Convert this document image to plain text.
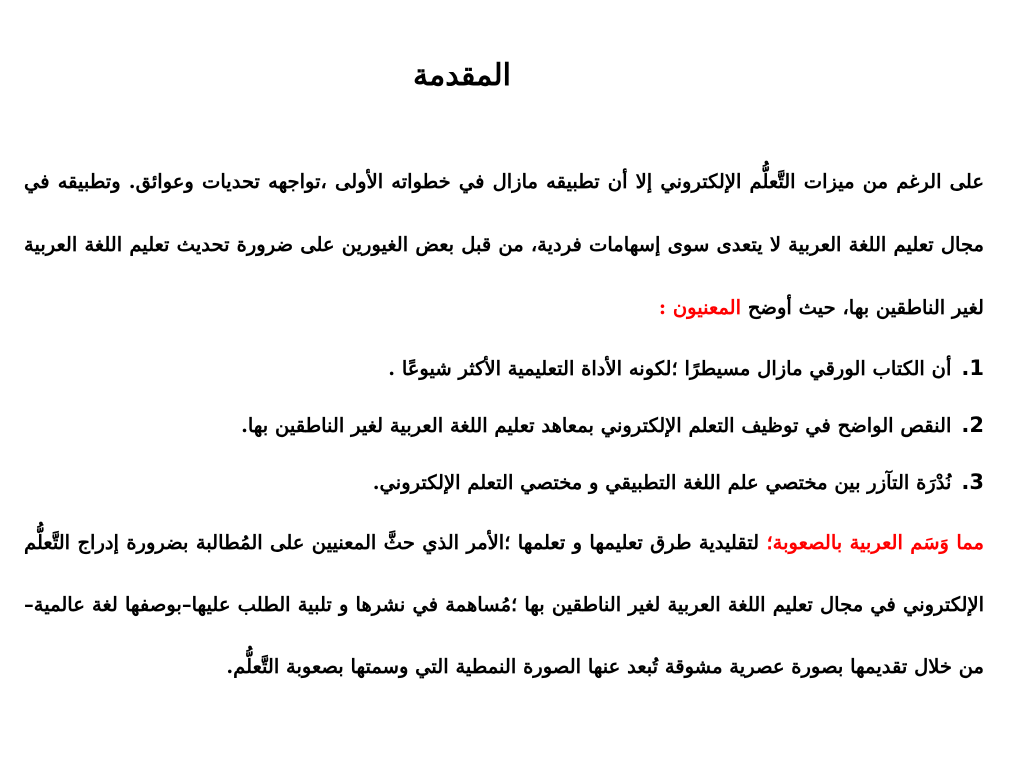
المقدمة

على الرغم من ميزات التَّعلُّم الإلكتروني إلا أن تطبيقه مازال في خطواته الأولى ،تواجهه تحديات وعوائق. وتطبيقه في مجال تعليم اللغة العربية لا يتعدى سوى إسهامات فردية، من قبل بعض الغيورين على ضرورة تحديث تعليم اللغة العربية لغير الناطقين بها، حيث أوضح المعنيون :

1.أن الكتاب الورقي مازال مسيطرًا ؛لكونه الأداة التعليمية الأكثر شيوعًا .
2.النقص الواضح في توظيف التعلم الإلكتروني بمعاهد تعليم اللغة العربية لغير الناطقين بها.
3.نُدْرَة التآزر بين مختصي علم اللغة التطبيقي و مختصي التعلم الإلكتروني.

مما وَسَم العربية بالصعوبة؛ لتقليدية طرق تعليمها و تعلمها ؛الأمر الذي حثَّ المعنيين على المُطالبة بضرورة إدراج التَّعلُّم الإلكتروني في مجال تعليم اللغة العربية لغير الناطقين بها ؛مُساهمة في نشرها و تلبية الطلب عليها–بوصفها لغة عالمية– من خلال تقديمها بصورة عصرية مشوقة تُبعد عنها الصورة النمطية التي وسمتها بصعوبة التَّعلُّم.
